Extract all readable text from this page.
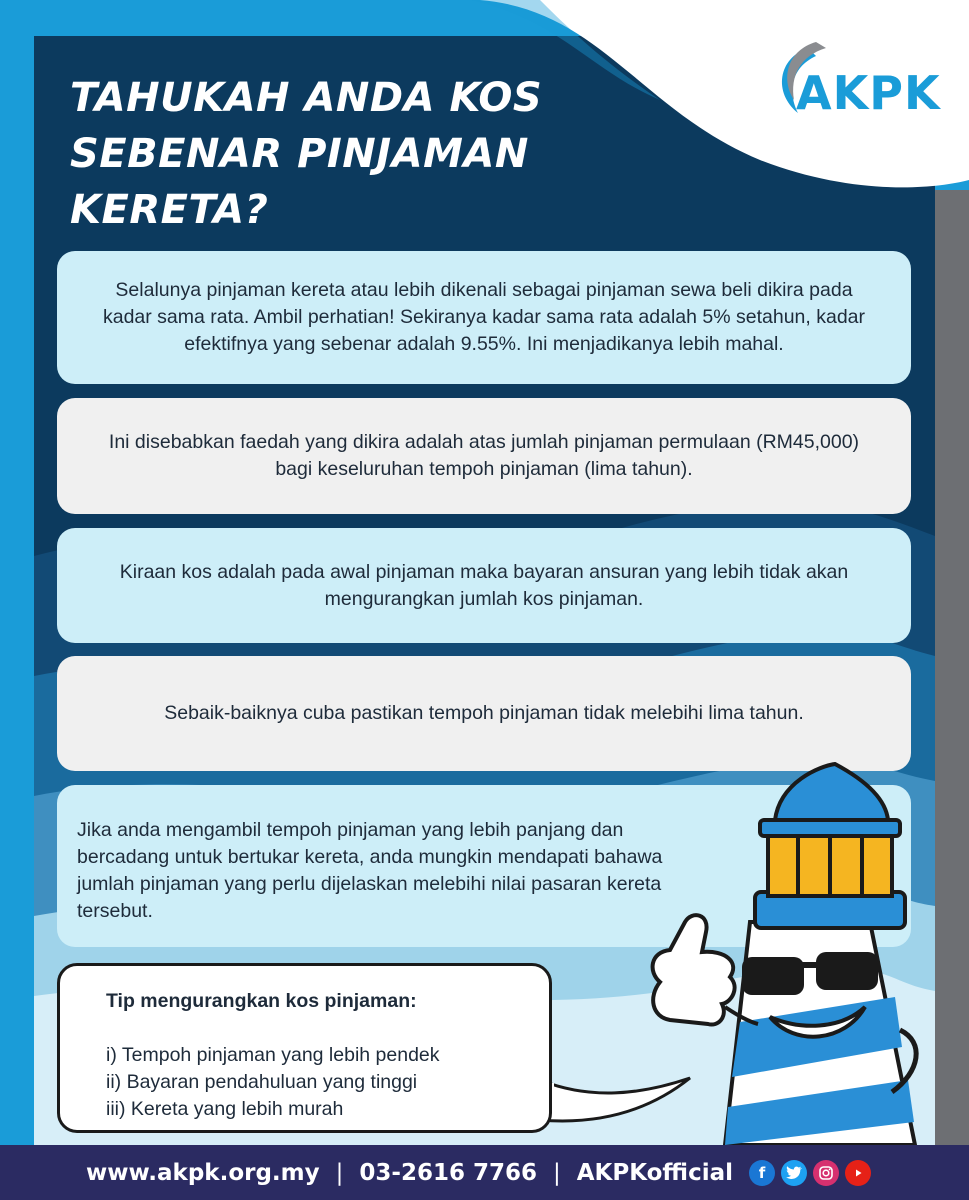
AKPK
TAHUKAH ANDA KOS
SEBENAR PINJAMAN
KERETA?

Selalunya pinjaman kereta atau lebih dikenali sebagai pinjaman sewa beli dikira pada kadar sama rata. Ambil perhatian! Sekiranya kadar sama rata adalah 5% setahun, kadar efektifnya yang sebenar adalah 9.55%. Ini menjadikanya lebih mahal.

Ini disebabkan faedah yang dikira adalah atas jumlah pinjaman permulaan (RM45,000) bagi keseluruhan tempoh pinjaman (lima tahun).

Kiraan kos adalah pada awal pinjaman maka bayaran ansuran yang lebih tidak akan mengurangkan jumlah kos pinjaman.

Sebaik-baiknya cuba pastikan tempoh pinjaman tidak melebihi lima tahun.

Jika anda mengambil tempoh pinjaman yang lebih panjang dan bercadang untuk bertukar kereta, anda mungkin mendapati bahawa jumlah pinjaman yang perlu dijelaskan melebihi nilai pasaran kereta tersebut.

Tip mengurangkan kos pinjaman:
i) Tempoh pinjaman yang lebih pendek
ii) Bayaran pendahuluan yang tinggi
iii) Kereta yang lebih murah
www.akpk.org.my | 03-2616 7766 | AKPKofficial	f
